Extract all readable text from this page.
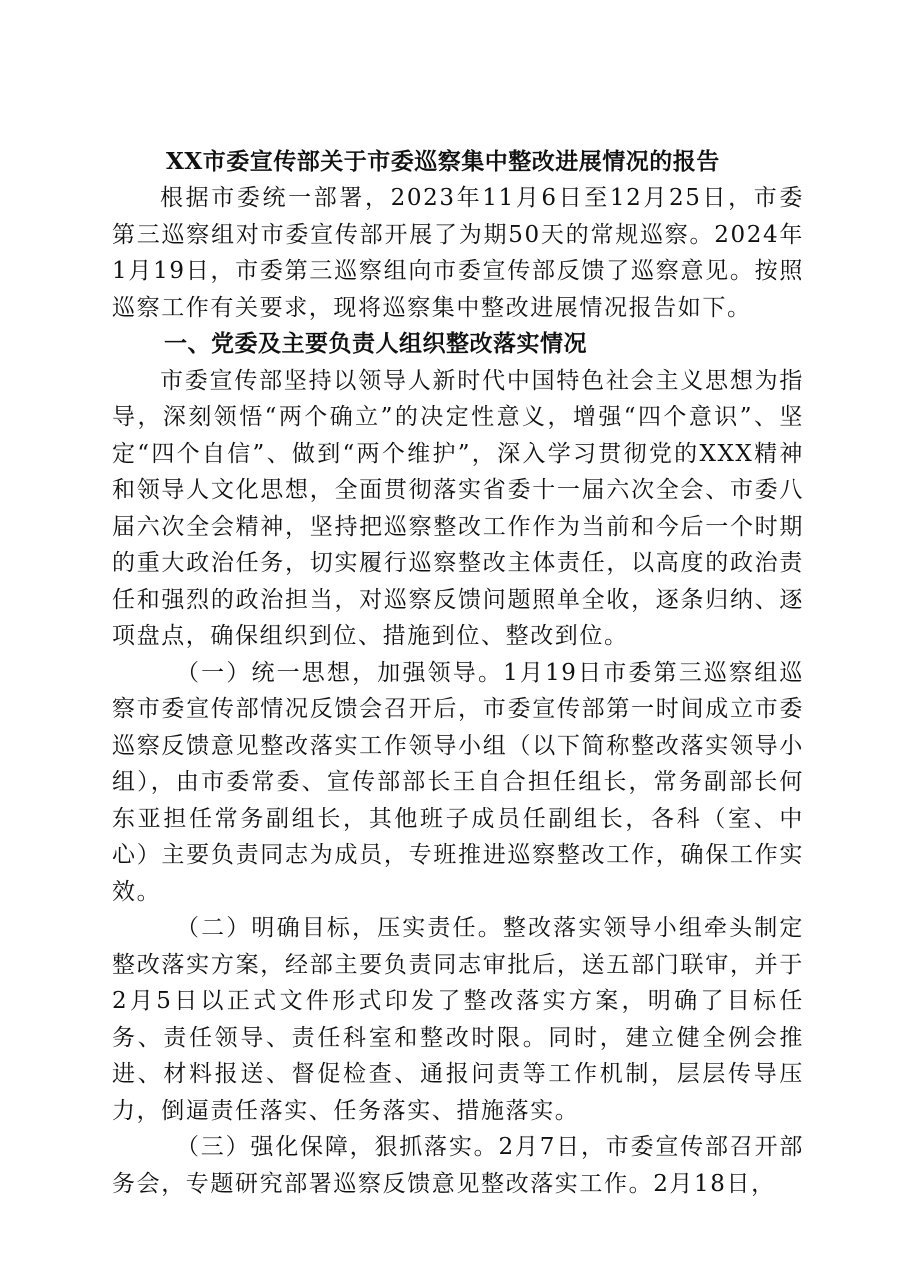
XX市委宣传部关于市委巡察集中整改进展情况的报告

根据市委统一部署，2023年11月6日至12月25日，市委第三巡察组对市委宣传部开展了为期50天的常规巡察。2024年1月19日，市委第三巡察组向市委宣传部反馈了巡察意见。按照巡察工作有关要求，现将巡察集中整改进展情况报告如下。

一、党委及主要负责人组织整改落实情况

市委宣传部坚持以领导人新时代中国特色社会主义思想为指导，深刻领悟“两个确立”的决定性意义，增强“四个意识”、坚定“四个自信”、做到“两个维护”，深入学习贯彻党的XXX精神和领导人文化思想，全面贯彻落实省委十一届六次全会、市委八届六次全会精神，坚持把巡察整改工作作为当前和今后一个时期的重大政治任务，切实履行巡察整改主体责任，以高度的政治责任和强烈的政治担当，对巡察反馈问题照单全收，逐条归纳、逐项盘点，确保组织到位、措施到位、整改到位。

（一）统一思想，加强领导。1月19日市委第三巡察组巡察市委宣传部情况反馈会召开后，市委宣传部第一时间成立市委巡察反馈意见整改落实工作领导小组（以下简称整改落实领导小组），由市委常委、宣传部部长王自合担任组长，常务副部长何东亚担任常务副组长，其他班子成员任副组长，各科（室、中心）主要负责同志为成员，专班推进巡察整改工作，确保工作实效。

（二）明确目标，压实责任。整改落实领导小组牵头制定整改落实方案，经部主要负责同志审批后，送五部门联审，并于2月5日以正式文件形式印发了整改落实方案，明确了目标任务、责任领导、责任科室和整改时限。同时，建立健全例会推进、材料报送、督促检查、通报问责等工作机制，层层传导压力，倒逼责任落实、任务落实、措施落实。

（三）强化保障，狠抓落实。2月7日，市委宣传部召开部务会，专题研究部署巡察反馈意见整改落实工作。2月18日，
